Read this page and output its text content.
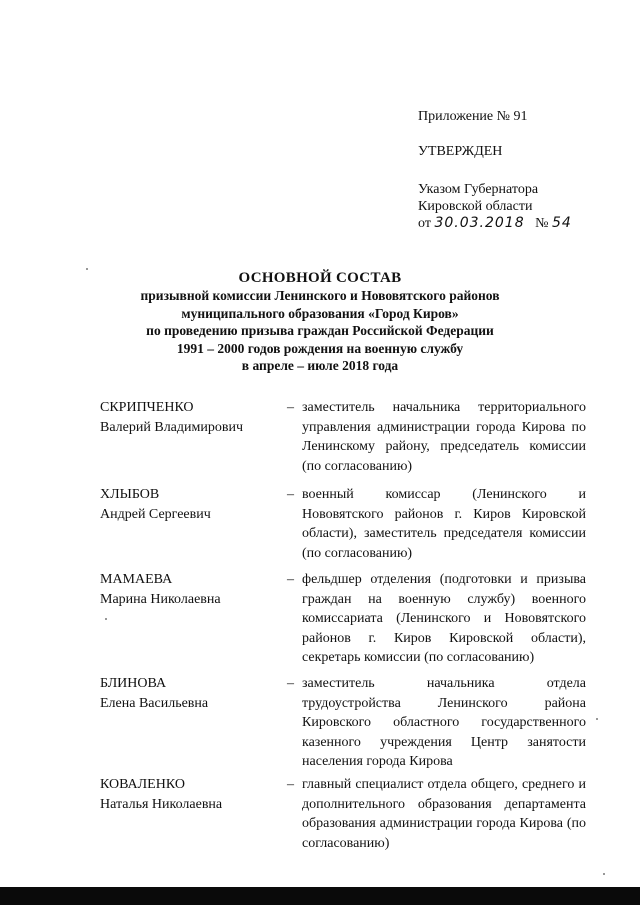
Приложение № 91
УТВЕРЖДЕН
Указом Губернатора
Кировской области
от 30.03.2018 № 54
ОСНОВНОЙ СОСТАВ
призывной комиссии Ленинского и Нововятского районов
муниципального образования «Город Киров»
по проведению призыва граждан Российской Федерации
1991 – 2000 годов рождения на военную службу
в апреле – июле 2018 года
СКРИПЧЕНКО
Валерий Владимирович
– заместитель начальника территориального управления администрации города Кирова по Ленинскому району, председатель комиссии (по согласованию)
ХЛЫБОВ
Андрей Сергеевич
– военный комиссар (Ленинского и Нововятского районов г. Киров Кировской области), заместитель председателя комиссии (по согласованию)
МАМАЕВА
Марина Николаевна
– фельдшер отделения (подготовки и призыва граждан на военную службу) военного комиссариата (Ленинского и Нововятского районов г. Киров Кировской области), секретарь комиссии (по согласованию)
БЛИНОВА
Елена Васильевна
– заместитель начальника отдела трудоустройства Ленинского района Кировского областного государственного казенного учреждения Центр занятости населения города Кирова
КОВАЛЕНКО
Наталья Николаевна
– главный специалист отдела общего, среднего и дополнительного образования департамента образования администрации города Кирова (по согласованию)
